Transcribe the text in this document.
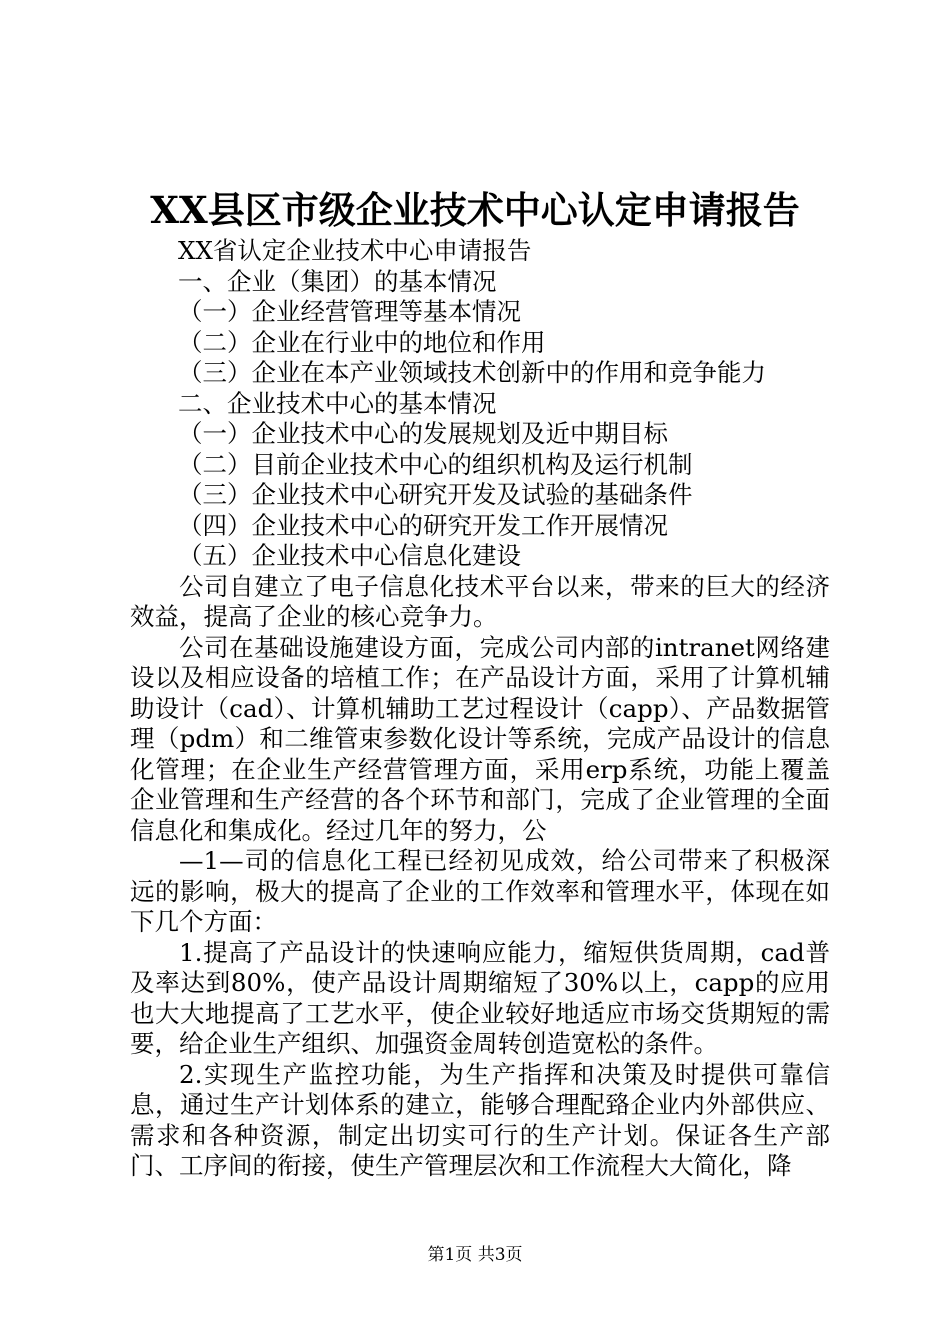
XX县区市级企业技术中心认定申请报告
XX省认定企业技术中心申请报告
一、企业（集团）的基本情况
（一）企业经营管理等基本情况
（二）企业在行业中的地位和作用
（三）企业在本产业领域技术创新中的作用和竞争能力
二、企业技术中心的基本情况
（一）企业技术中心的发展规划及近中期目标
（二）目前企业技术中心的组织机构及运行机制
（三）企业技术中心研究开发及试验的基础条件
（四）企业技术中心的研究开发工作开展情况
（五）企业技术中心信息化建设
公司自建立了电子信息化技术平台以来，带来的巨大的经济效益，提高了企业的核心竞争力。
公司在基础设施建设方面，完成公司内部的intranet网络建设以及相应设备的培植工作；在产品设计方面，采用了计算机辅助设计（cad）、计算机辅助工艺过程设计（capp）、产品数据管理（pdm）和二维管束参数化设计等系统，完成产品设计的信息化管理；在企业生产经营管理方面，采用erp系统，功能上覆盖企业管理和生产经营的各个环节和部门，完成了企业管理的全面信息化和集成化。经过几年的努力，公
—1—司的信息化工程已经初见成效，给公司带来了积极深远的影响，极大的提高了企业的工作效率和管理水平，体现在如下几个方面：
1.提高了产品设计的快速响应能力，缩短供货周期，cad普及率达到80%，使产品设计周期缩短了30%以上，capp的应用也大大地提高了工艺水平，使企业较好地适应市场交货期短的需要，给企业生产组织、加强资金周转创造宽松的条件。
2.实现生产监控功能，为生产指挥和决策及时提供可靠信息，通过生产计划体系的建立，能够合理配臵企业内外部供应、需求和各种资源，制定出切实可行的生产计划。保证各生产部门、工序间的衔接，使生产管理层次和工作流程大大简化，降
第1页 共3页
